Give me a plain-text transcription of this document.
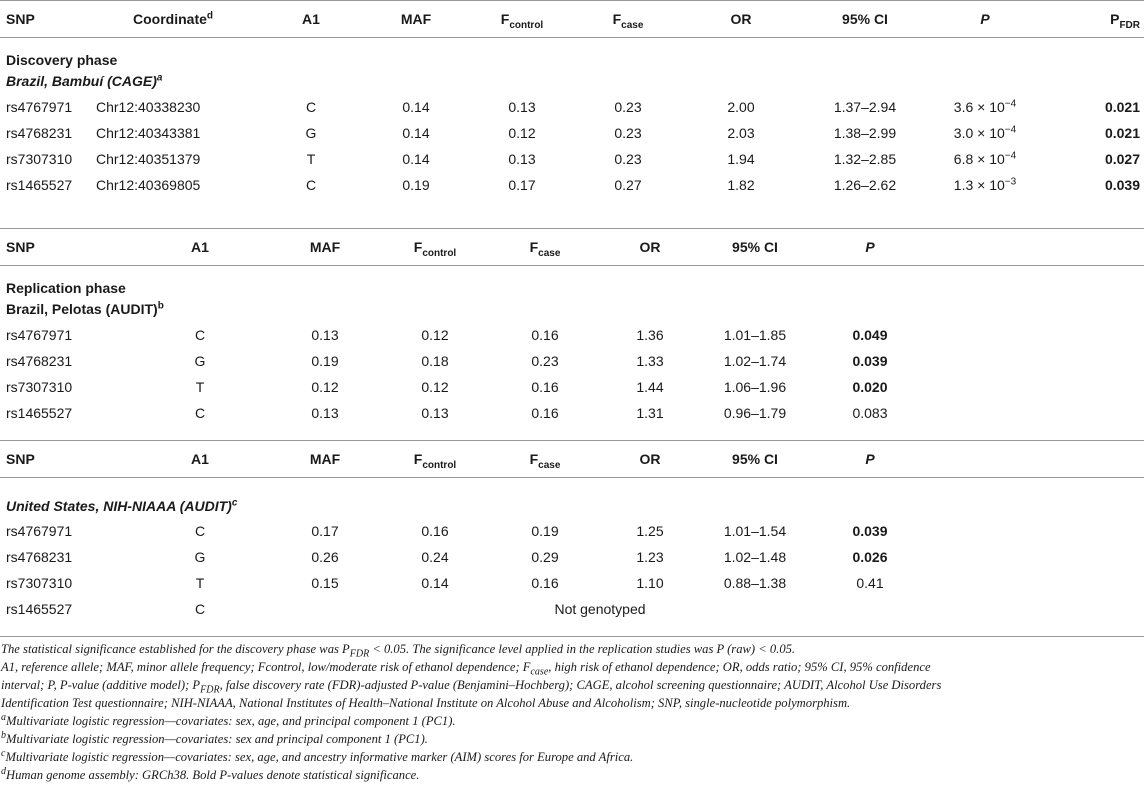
SNP	Coordinate$^d$	A1	MAF	$F_{control}$	$F_{case}$	OR	95% CI	P	$P_{FDR}$
Discovery phase									
Brazil, Bambuí (CAGE)$^a$
rs4767971	Chr12:40338230	C	0.14	0.13	0.23	2.00	1.37–2.94	$3.6 \times 10^{-4}$	0.021
rs4768231	Chr12:40343381	G	0.14	0.12	0.23	2.03	1.38–2.99	$3.0 \times 10^{-4}$	0.021
rs7307310	Chr12:40351379	T	0.14	0.13	0.23	1.94	1.32–2.85	$6.8 \times 10^{-4}$	0.027
rs1465527	Chr12:40369805	C	0.19	0.17	0.27	1.82	1.26–2.62	$1.3 \times 10^{-3}$	0.039
SNP	A1	MAF	$F_{control}$	$F_{case}$	OR	95% CI	P	
Replication phase								
Brazil, Pelotas (AUDIT)$^b$
rs4767971	C	0.13	0.12	0.16	1.36	1.01–1.85	0.049	
rs4768231	G	0.19	0.18	0.23	1.33	1.02–1.74	0.039	
rs7307310	T	0.12	0.12	0.16	1.44	1.06–1.96	0.020	
rs1465527	C	0.13	0.13	0.16	1.31	0.96–1.79	0.083	
SNP	A1	MAF	$F_{control}$	$F_{case}$	OR	95% CI	P	
United States, NIH-NIAAA (AUDIT)$^c$
rs4767971	C	0.17	0.16	0.19	1.25	1.01–1.54	0.039	
rs4768231	G	0.26	0.24	0.29	1.23	1.02–1.48	0.026	
rs7307310	T	0.15	0.14	0.16	1.10	0.88–1.38	0.41	
rs1465527	C	Not genotyped						
The statistical significance established for the discovery phase was $P_{FDR} < 0.05$. The significance level applied in the replication studies was P (raw) < 0.05.
A1, reference allele; MAF, minor allele frequency; Fcontrol, low/moderate risk of ethanol dependence; $F_{case}$, high risk of ethanol dependence; OR, odds ratio; 95% CI, 95% confidence
interval; P, P-value (additive model); $P_{FDR}$, false discovery rate (FDR)-adjusted P-value (Benjamini–Hochberg); CAGE, alcohol screening questionnaire; AUDIT, Alcohol Use Disorders
Identification Test questionnaire; NIH-NIAAA, National Institutes of Health–National Institute on Alcohol Abuse and Alcoholism; SNP, single-nucleotide polymorphism.
$^a$Multivariate logistic regression—covariates: sex, age, and principal component 1 (PC1).
$^b$Multivariate logistic regression—covariates: sex and principal component 1 (PC1).
$^c$Multivariate logistic regression—covariates: sex, age, and ancestry informative marker (AIM) scores for Europe and Africa.
$^d$Human genome assembly: GRCh38. Bold P-values denote statistical significance.
